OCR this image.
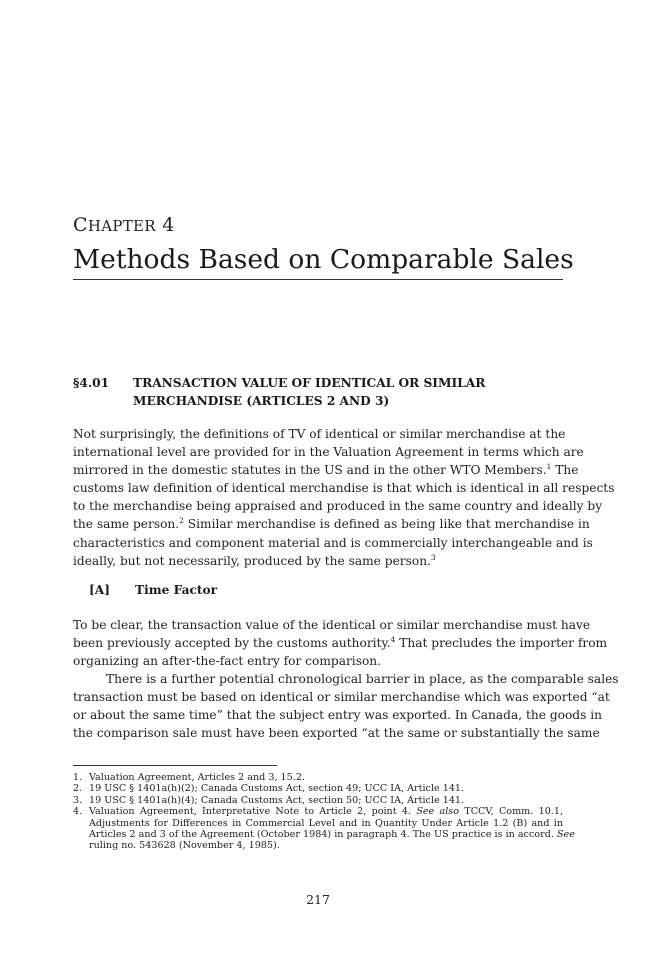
CHAPTER 4
Methods Based on Comparable Sales
§4.01 TRANSACTION VALUE OF IDENTICAL OR SIMILAR
MERCHANDISE (ARTICLES 2 AND 3)
Not surprisingly, the definitions of TV of identical or similar merchandise at the
international level are provided for in the Valuation Agreement in terms which are
mirrored in the domestic statutes in the US and in the other WTO Members.$^1$ The
customs law definition of identical merchandise is that which is identical in all respects
to the merchandise being appraised and produced in the same country and ideally by
the same person.$^2$ Similar merchandise is defined as being like that merchandise in
characteristics and component material and is commercially interchangeable and is
ideally, but not necessarily, produced by the same person.$^3$
[A] Time Factor
To be clear, the transaction value of the identical or similar merchandise must have
been previously accepted by the customs authority.$^4$ That precludes the importer from
organizing an after-the-fact entry for comparison.
There is a further potential chronological barrier in place, as the comparable sales
transaction must be based on identical or similar merchandise which was exported “at
or about the same time” that the subject entry was exported. In Canada, the goods in
the comparison sale must have been exported “at the same or substantially the same
1. Valuation Agreement, Articles 2 and 3, 15.2.
2. 19 USC § 1401a(h)(2); Canada Customs Act, section 49; UCC IA, Article 141.
3. 19 USC § 1401a(h)(4); Canada Customs Act, section 50; UCC IA, Article 141.
4. Valuation Agreement, Interpretative Note to Article 2, point 4. See also TCCV, Comm. 10.1,
Adjustments for Differences in Commercial Level and in Quantity Under Article 1.2 (B) and in
Articles 2 and 3 of the Agreement (October 1984) in paragraph 4. The US practice is in accord. See
ruling no. 543628 (November 4, 1985).
217
